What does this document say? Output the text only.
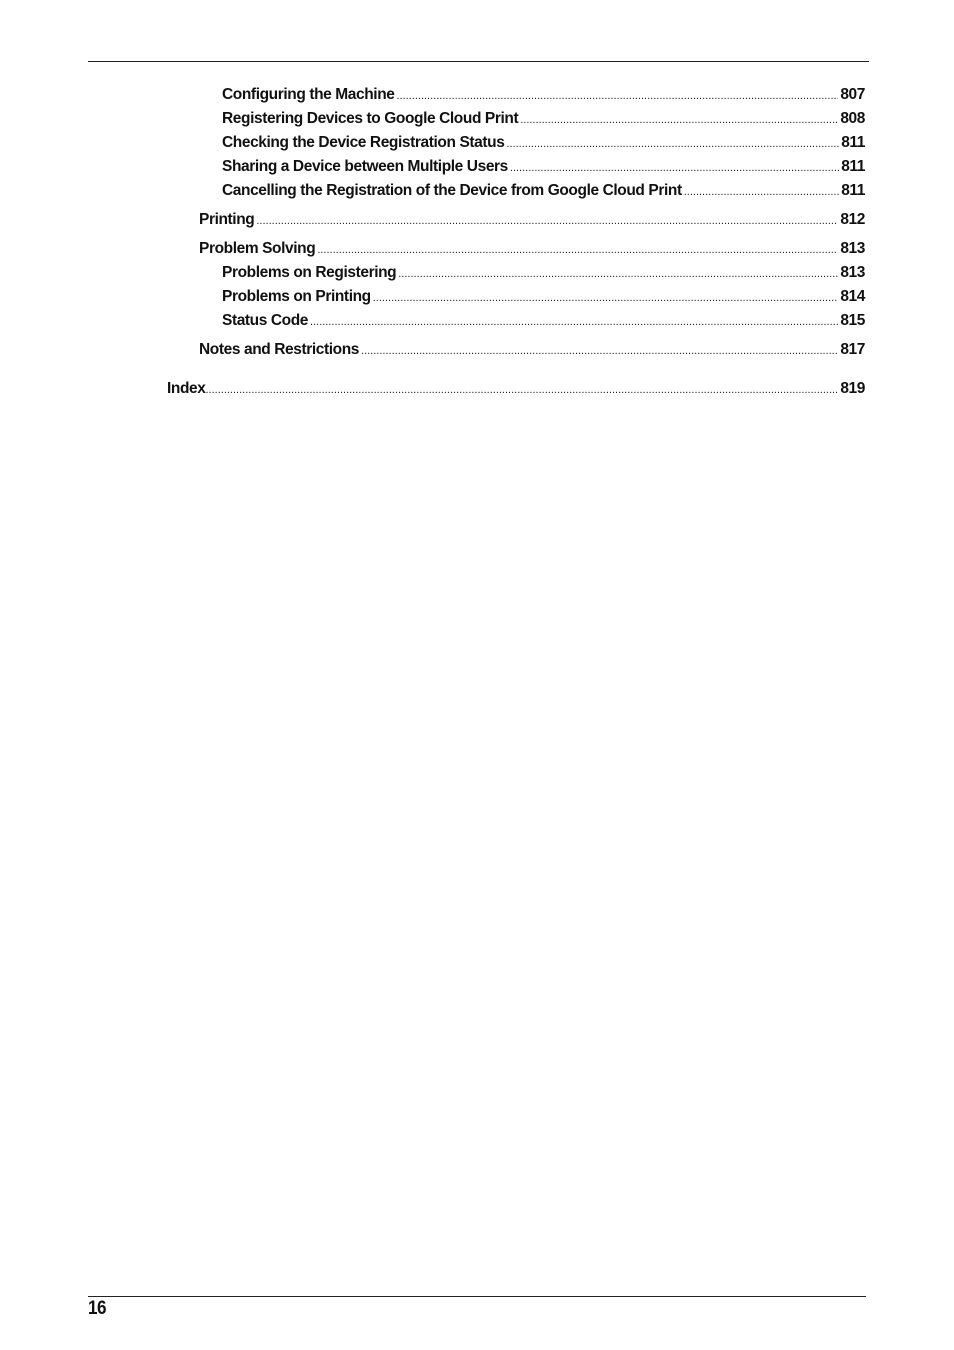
Configuring the Machine .....	807
Registering Devices to Google Cloud Print .....	808
Checking the Device Registration Status .....	811
Sharing a Device between Multiple Users .....	811
Cancelling the Registration of the Device from Google Cloud Print .....	811
Printing .....	812
Problem Solving .....	813
Problems on Registering .....	813
Problems on Printing .....	814
Status Code .....	815
Notes and Restrictions .....	817
Index .....	819
16
